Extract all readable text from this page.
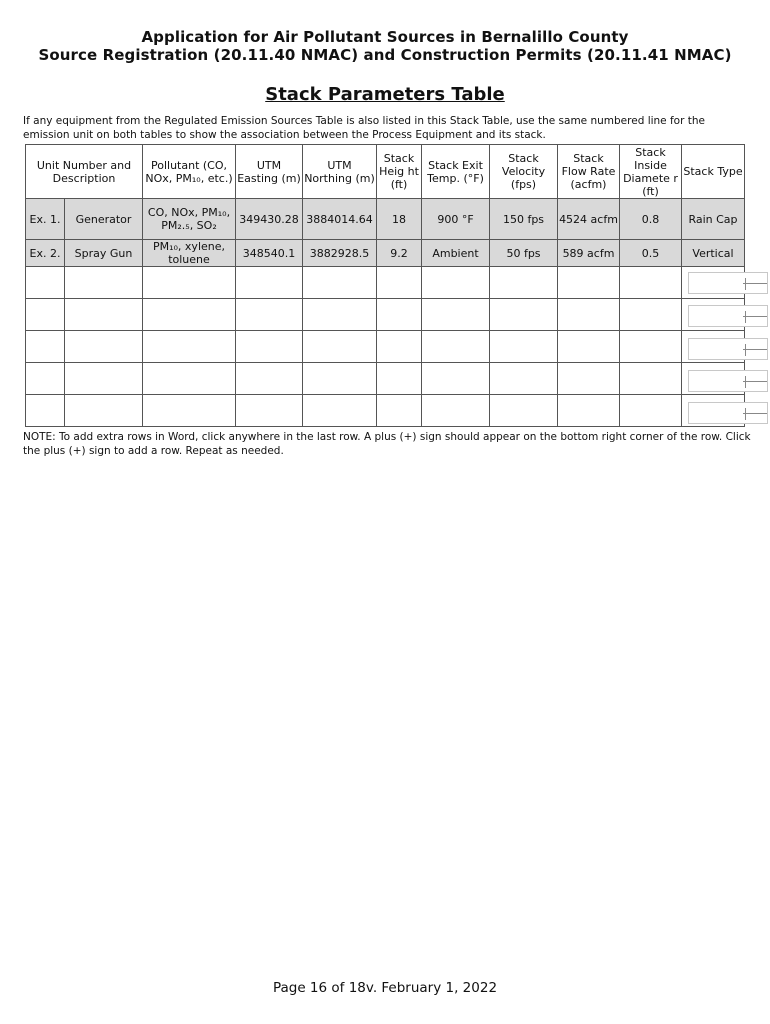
Application for Air Pollutant Sources in Bernalillo County
Source Registration (20.11.40 NMAC) and Construction Permits (20.11.41 NMAC)
Stack Parameters Table
If any equipment from the Regulated Emission Sources Table is also listed in this Stack Table, use the same numbered line for the emission unit on both tables to show the association between the Process Equipment and its stack.
Unit Number and Description		Pollutant (CO, NOx, PM₁₀, etc.)	UTM Easting (m)	UTM Northing (m)	Stack Heig ht (ft)	Stack Exit Temp. (°F)	Stack Velocity (fps)	Stack Flow Rate (acfm)	Stack Inside Diamete r (ft)	Stack Type
Ex. 1.	Generator	CO, NOx, PM₁₀, PM₂.₅, SO₂	349430.28	3884014.64	18	900 °F	150 fps	4524 acfm	0.8	Rain Cap
Ex. 2.	Spray Gun	PM₁₀, xylene, toluene	348540.1	3882928.5	9.2	Ambient	50 fps	589 acfm	0.5	Vertical

NOTE: To add extra rows in Word, click anywhere in the last row. A plus (+) sign should appear on the bottom right corner of the row. Click the plus (+) sign to add a row. Repeat as needed.
Page 16 of 18v. February 1, 2022
